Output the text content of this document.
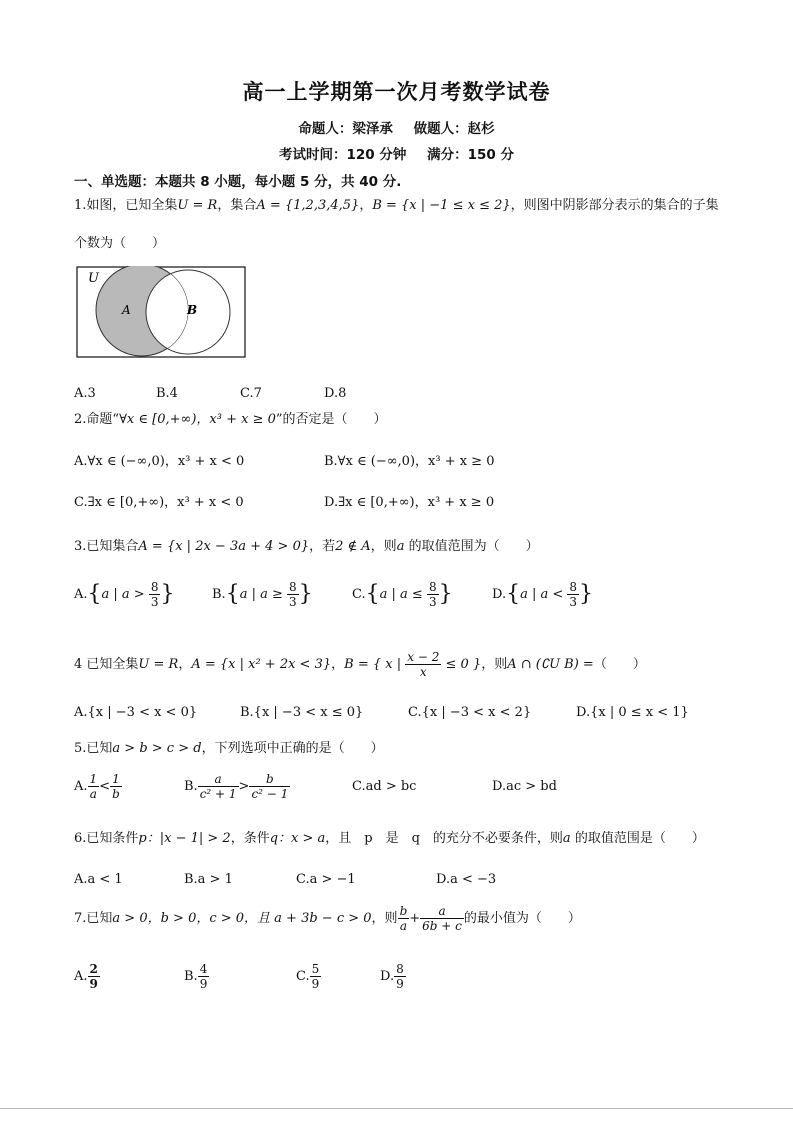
高一上学期第一次月考数学试卷
命题人：梁泽承 做题人：赵杉
考试时间：120 分钟 满分：150 分
一、单选题：本题共 8 小题，每小题 5 分，共 40 分.
1.如图，已知全集U = R，集合A = {1,2,3,4,5}，B = {x | −1 ≤ x ≤ 2}，则图中阴影部分表示的集合的子集
个数为（　　）
U
A	B
A.3	B.4	C.7	D.8
2.命题“∀x ∈ [0,+∞)，x³ + x ≥ 0”的否定是（　　）
A.∀x ∈ (−∞,0)，x³ + x < 0	B.∀x ∈ (−∞,0)，x³ + x ≥ 0
C.∃x ∈ [0,+∞)，x³ + x < 0	D.∃x ∈ [0,+∞)，x³ + x ≥ 0
3.已知集合A = {x | 2x − 3a + 4 > 0}，若2 ∉ A，则a 的取值范围为（　　）
A.{a | $a > \frac{8}{3}$ }	B.{a | $a \ge \frac{8}{3}$ }	C.{a | $a \le \frac{8}{3}$ }	D.{a | $a < \frac{8}{3}$ }
4 已知全集U = R，A = {x | x² + 2x < 3}，B = { x | $\frac{x - 2}{x} \le 0$ }，则A ∩ (∁U B) =（　　）
A.{x | −3 < x < 0}	B.{x | −3 < x ≤ 0}	C.{x | −3 < x < 2}	D.{x | 0 ≤ x < 1}
5.已知a > b > c > d，下列选项中正确的是（　　）
A. $\frac{1}{a} < \frac{1}{b}$	B. $\frac{a}{\text{c² + 1}} > \frac{b}{\text{c² − 1}}$	C.ad > bc	D.ac > bd
6.已知条件p：|x − 1| > 2，条件q：x > a，且　p　是　q　的充分不必要条件，则a 的取值范围是（　　）
A.a < 1	B.a > 1	C.a > −1	D.a < −3
7.已知a > 0，b > 0，c > 0，且 a + 3b − c > 0，则 $\frac{b}{a} + \frac{a}{6b + c}$ 的最小值为（　　）
A. $\frac{2}{9}$	B. $\frac{4}{9}$	C. $\frac{5}{9}$	D. $\frac{8}{9}$
